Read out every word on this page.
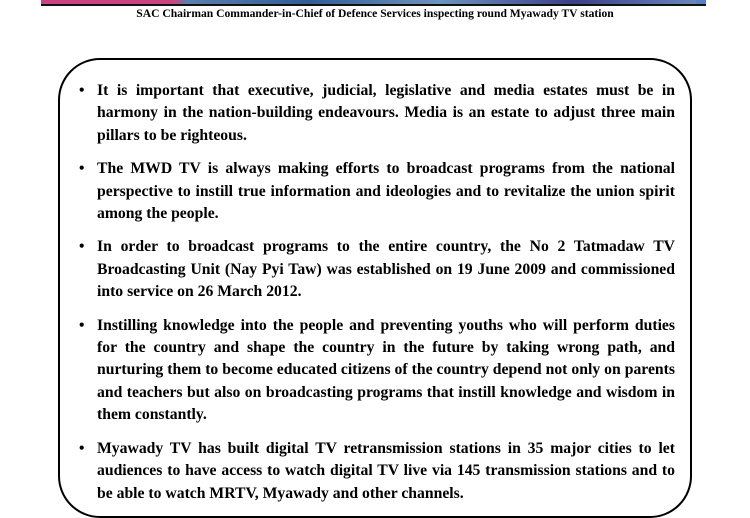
SAC Chairman Commander-in-Chief of Defence Services inspecting round Myawady TV station
• It is important that executive, judicial, legislative and media estates must be in harmony in the nation-building endeavours. Media is an estate to adjust three main pillars to be righteous.
• The MWD TV is always making efforts to broadcast programs from the national perspective to instill true information and ideologies and to revitalize the union spirit among the people.
• In order to broadcast programs to the entire country, the No 2 Tatmadaw TV Broadcasting Unit (Nay Pyi Taw) was established on 19 June 2009 and commissioned into service on 26 March 2012.
• Instilling knowledge into the people and preventing youths who will perform duties for the country and shape the country in the future by taking wrong path, and nurturing them to become educated citizens of the country depend not only on parents and teachers but also on broadcasting programs that instill knowledge and wisdom in them constantly.
• Myawady TV has built digital TV retransmission stations in 35 major cities to let audiences to have access to watch digital TV live via 145 transmission stations and to be able to watch MRTV, Myawady and other channels.
